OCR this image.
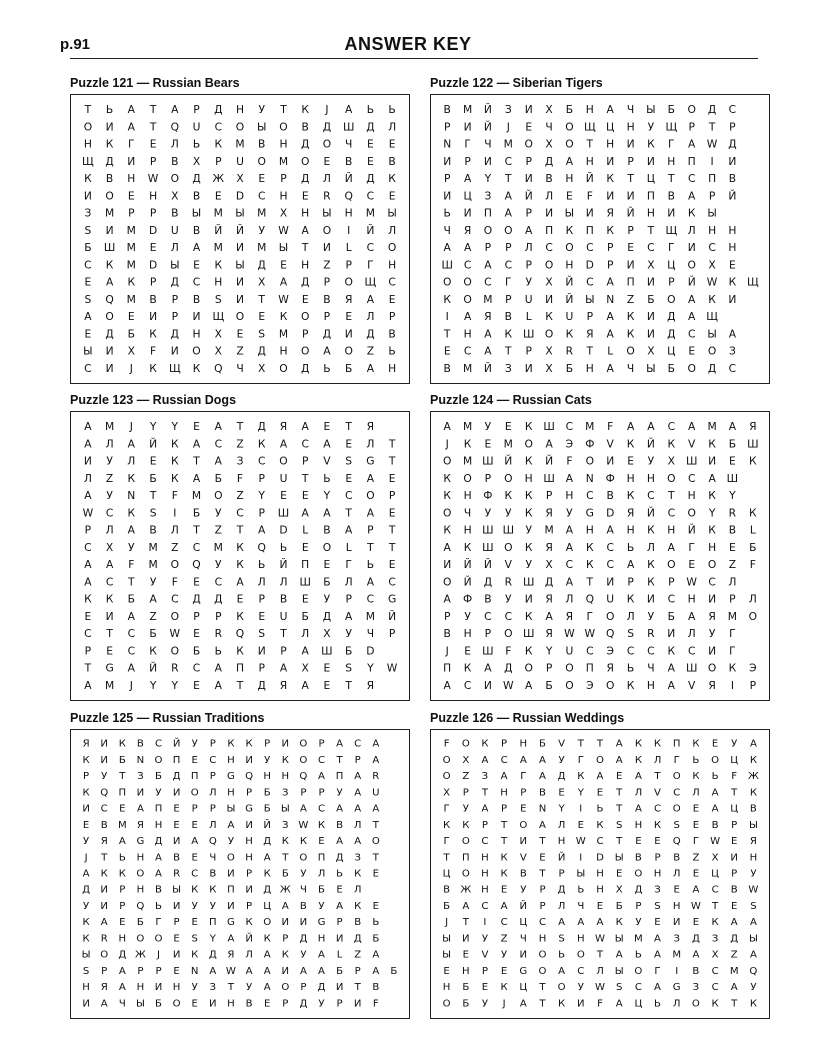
p.91	ANSWER KEY
Puzzle 121 — Russian Bears
Т Ь А Т А Р Д Н У Т К Ј А Ь Ь
О И А Т Q U C O Ы О В Д Ш Д Л
Н К Г Е Л Ь К М В Н Д О Ч Е Е
Щ Д И Р В Х Р U О М О Е В Е В
К В Н W О Д Ж Х Е Р Д Л Й Д К
И О Е Н Х В Е D C H E R Q C Е
З М Р Р В Ы М Ы М Х Н Ы Н М Ы
S И М D U В Й Й У W A O I Й Л
Б Ш М Е Л А М И М Ы Т И L C О
С К М D Ы Е К Ы Д Е Н Z Р Г Н
Е А К Р Д С Н И Х А Д Р О Щ С
S Q M В Р В S И Т W E В Я А Е
А О Е И Р И Щ О Е К О Р Е Л Р
Е Д Б К Д Н Х Е S М Р Д И Д В
Ы И Х F И О Х Z Д Н О А О Z Ь
С И Ј К Щ К Q Ч Х О Д Ь Б А Н
Puzzle 122 — Siberian Tigers
В М Й З И Х Б Н А Ч Ы Б О Д С
Р И Й Ј Е Ч О Щ Ц Н У Щ Р Т Р
N Г Ч М О Х О Т Н И К Г А W Д
И Р И С Р Д А Н И Р И Н П І И
Р А Y Т И В Н Й К Т Ц Т С П В
И Ц З А Й Л Е F И И П В А Р Й
Ь И П А Р И Ы И Я Й Н И К Ы
Ч Я О О А П К П К Р Т Щ Л Н Н
А А Р Р Л С О С Р Е С Г И С Н
Ш С А С Р О Н D Р И Х Ц О Х Е
О О С Г У Х Й С А П И Р Й W К Щ
К О М Р U И Й Ы N Z Б О А К И
І А Я В L К U P А К И Д А Щ
Т Н А К Ш О К Я А К И Д С Ы А
Е С А Т Р Х R Т L О Х Ц Е О З
В М Й З И Х Б Н А Ч Ы Б О Д С
Puzzle 123 — Russian Dogs
А М Ј Y Y Е А Т Д Я А Е Т Я
А Л А Й К А С Z К А С А Е Л Т
И У Л Е К Т А З С О Р V S G Т
Л Z К Б К А Б F Р U Т Ь Е А Е
А У N Т F М О Z Y Е Е Y С О Р
W С К S І Б У С Р Ш А А Т А Е
Р Л А В Л Т Z Т А D L В А Р Т
С Х У М Z С М К Q Ь Е О L Т Т
А А F М О Q У К Ь Й П Е Г Ь Е
А С Т У F Е С А Л Л Ш Б Л А С
К К Б А С Д Д Е Р В Е У Р С G
Е И А Z О Р Р К Е U Б Д А М Й
С Т С Б W Е R Q S Т Л Х У Ч Р
Р Е С К О Б Ь К И Р А Ш Б D
Т G А Й R С А П Р А Х Е S Y W
А М Ј Y Y Е А Т Д Я А Е Т Я
Puzzle 124 — Russian Cats
А М У Е К Ш С М F А А С А М А Я
Ј К Е М О А Э Ф V К Й К V К Б Ш
О М Ш Й К Й F О И Е У Х Ш И Е К
К О Р О Н Ш А N Ф Н Н О С А Ш
К Н Ф К К Р Н С В К С Т Н К Y
О Ч У У К Я У G D Я Й С О Y R К
К Н Ш Ш У М А Н А Н К Н Й К В L
А К Ш О К Я А К С Ь Л А Г Н Е Б
И Й Й V У Х С К С А К О Е О Z F
О Й Д R Ш Д А Т И Р К Р W С Л
А Ф В У И Я Л Q U К И С Н И Р Л
Р У С С К А Я Г О Л У Б А Я М О
В Н Р О Ш Я W W Q S R И Л У Г
Ј Е Ш F К Y U С Э С С К С И Г
П К А Д О Р О П Я Ь Ч А Ш О К Э
А С И W А Б О Э О К Н А V Я І Р
Puzzle 125 — Russian Traditions
Я И К В С Й У Р К К Р И О Р А С А
К И Б N О П Е С Н И У К О С Т Р А
Р У Т З Б Д П Р G Q Н Н Q А П А R
К Q П И У И О Л Н Р Б З Р Р У А U
И С Е А П Е Р Р Ы G Б Ы А С А А А
Е В М Я Н Е Е Л А И Й З W К В Л Т
У Я А G Д И А Q У Н Д К К Е А А О
Ј Т Ь Н А В Е Ч О Н А Т О П Д З Т
А К К О А R С В И Р К Б У Л Ь К Е
Д И Р Н В Ы К К П И Д Ж Ч Б Е Л
У И Р Q Ь И У У И Р Ц А В У А К Е
К А Е Б Г Р Е П G К О И И G Р В Ь
К R Н О О Е S Y А Й К Р Д Н И Д Б
Ы О Д Ж Ј И К Д Я Л А К У А L Z А
S Р А Р Р Е N А W А А И А А Б Р А Б
Н Я А Н И Н У З Т У А О Р Д И Т В
И А Ч Ы Б О Е И Н В Е Р Д У Р И F
Puzzle 126 — Russian Weddings
F О К Р Н Б V Т Т А К К П К Е У А
О Х А С А А У Г О А К Л Г Ь О Ц К
О Z З А Г А Д К А Е А Т О К Ь F Ж
Х Р Т Н Р В Е Y Е Т Л V С Л А Т К
Г У А Р Е N Y І Ь Т А С О Е А Ц В
К К Р Т О А Л Е К S Н К S Е В Р Ы
Г О С Т И Т Н W С Т Е Е Q Г W Е Я
Т П Н К V Е Й І D Ы В Р В Z Х И Н
Ц О Н К В Т Р Ы Н Е О Н Л Е Ц Р У
В Ж Н Е У Р Д Ь Н Х Д З Е А С В W
Б А С А Й Р Л Ч Е Б Р Ѕ Н W Т Е Ѕ
Ј Т І С Ц С А А А К У Е И Е К А А
Ы И У Z Ч Н S Н W Ы М А З Д З Д Ы
Ы Е V У И О Ь О Т А Ь А М А Х Z А
Е Н Р Е G О А С Л Ы О Г І В С М Q
Н Б Е К Ц Т О У W S С А G З С А У
О Б У Ј А Т К И F А Ц Ь Л О К Т К
